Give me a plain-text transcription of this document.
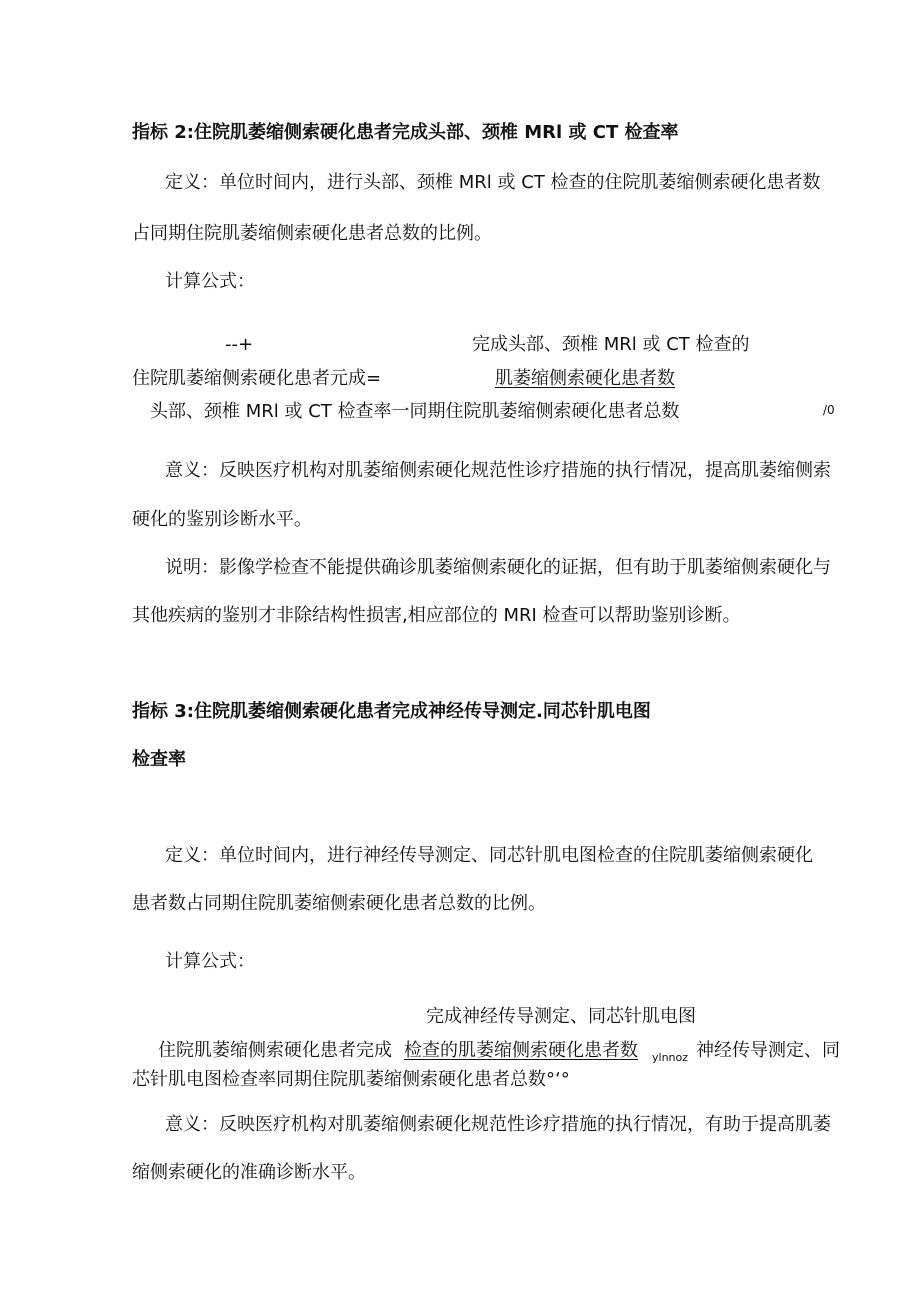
指标 2:住院肌萎缩侧索硬化患者完成头部、颈椎 MRl 或 CT 检查率
定义：单位时间内，进行头部、颈椎 MRl 或 CT 检查的住院肌萎缩侧索硬化患者数
占同期住院肌萎缩侧索硬化患者总数的比例。
计算公式：
--+	完成头部、颈椎 MRl 或 CT 检查的
住院肌萎缩侧索硬化患者元成=	肌萎缩侧索硬化患者数
头部、颈椎 MRl 或 CT 检查率一同期住院肌萎缩侧索硬化患者总数	/0
意义：反映医疗机构对肌萎缩侧索硬化规范性诊疗措施的执行情况，提高肌萎缩侧索
硬化的鉴别诊断水平。
说明：影像学检查不能提供确诊肌萎缩侧索硬化的证据，但有助于肌萎缩侧索硬化与
其他疾病的鉴别才非除结构性损害,相应部位的 MRI 检查可以帮助鉴别诊断。
指标 3:住院肌萎缩侧索硬化患者完成神经传导测定.同芯针肌电图
检查率
定义：单位时间内，进行神经传导测定、同芯针肌电图检查的住院肌萎缩侧索硬化
患者数占同期住院肌萎缩侧索硬化患者总数的比例。
计算公式：
完成神经传导测定、同芯针肌电图
住院肌萎缩侧索硬化患者完成 检查的肌萎缩侧索硬化患者数 ylnnoz 神经传导测定、同
芯针肌电图检查率同期住院肌萎缩侧索硬化患者总数°‘°
意义：反映医疗机构对肌萎缩侧索硬化规范性诊疗措施的执行情况，有助于提高肌萎
缩侧索硬化的准确诊断水平。
